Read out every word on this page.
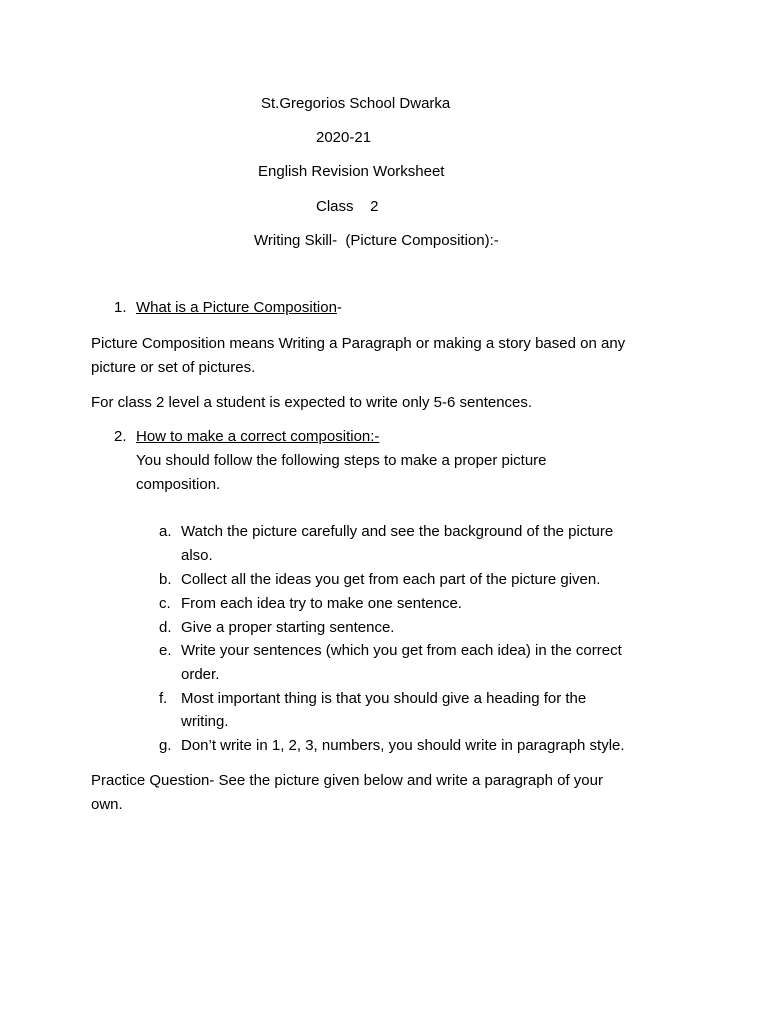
St.Gregorios School Dwarka
2020-21
English Revision Worksheet
Class    2
Writing Skill-  (Picture Composition):-
1. What is a Picture Composition-
Picture Composition means Writing a Paragraph or making a story based on any
picture or set of pictures.
For class 2 level a student is expected to write only 5-6 sentences.
2. How to make a correct composition:-
You should follow the following steps to make a proper picture
composition.
a. Watch the picture carefully and see the background of the picture
also.
b. Collect all the ideas you get from each part of the picture given.
c. From each idea try to make one sentence.
d. Give a proper starting sentence.
e. Write your sentences (which you get from each idea) in the correct
order.
f. Most important thing is that you should give a heading for the
writing.
g. Don’t write in 1, 2, 3, numbers, you should write in paragraph style.
Practice Question- See the picture given below and write a paragraph of your
own.
